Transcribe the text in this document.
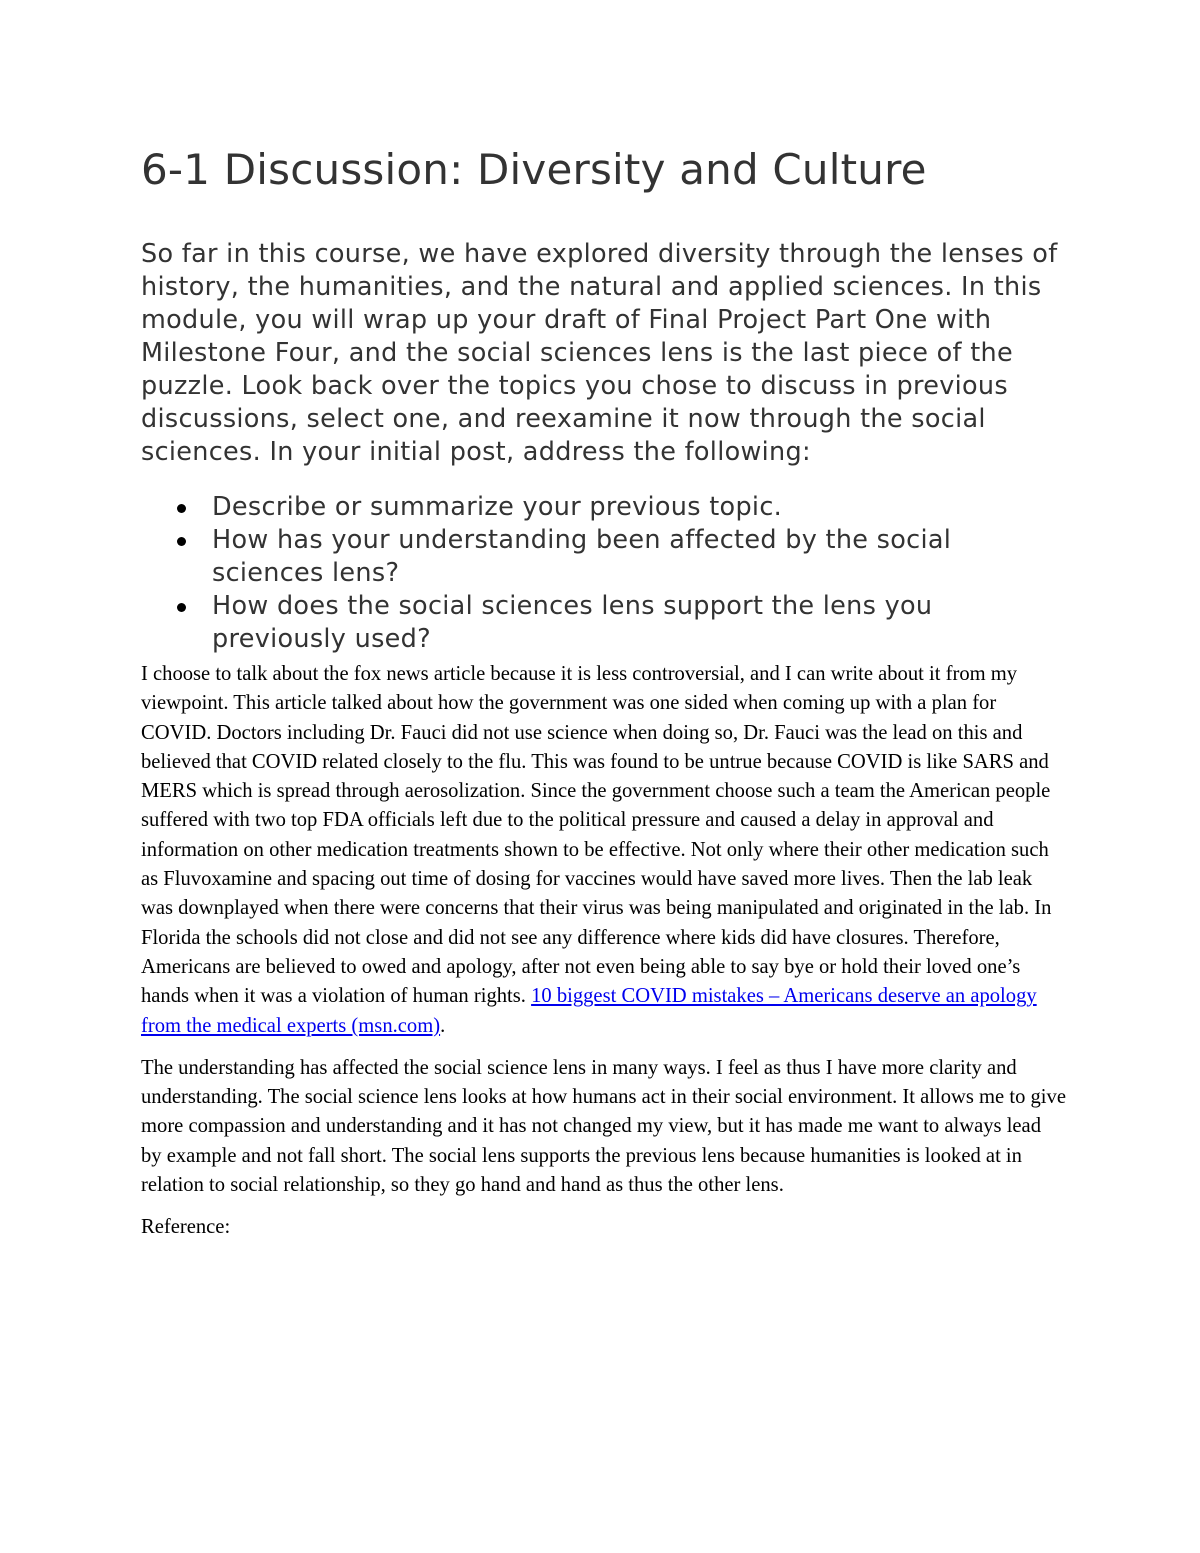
6-1 Discussion: Diversity and Culture

So far in this course, we have explored diversity through the lenses of history, the humanities, and the natural and applied sciences. In this module, you will wrap up your draft of Final Project Part One with Milestone Four, and the social sciences lens is the last piece of the puzzle. Look back over the topics you chose to discuss in previous discussions, select one, and reexamine it now through the social sciences. In your initial post, address the following:

Describe or summarize your previous topic.
How has your understanding been affected by the social sciences lens?
How does the social sciences lens support the lens you previously used?

I choose to talk about the fox news article because it is less controversial, and I can write about it from my viewpoint. This article talked about how the government was one sided when coming up with a plan for COVID. Doctors including Dr. Fauci did not use science when doing so, Dr. Fauci was the lead on this and believed that COVID related closely to the flu. This was found to be untrue because COVID is like SARS and MERS which is spread through aerosolization. Since the government choose such a team the American people suffered with two top FDA officials left due to the political pressure and caused a delay in approval and information on other medication treatments shown to be effective. Not only where their other medication such as Fluvoxamine and spacing out time of dosing for vaccines would have saved more lives. Then the lab leak was downplayed when there were concerns that their virus was being manipulated and originated in the lab. In Florida the schools did not close and did not see any difference where kids did have closures. Therefore, Americans are believed to owed and apology, after not even being able to say bye or hold their loved one’s hands when it was a violation of human rights. 10 biggest COVID mistakes – Americans deserve an apology from the medical experts (msn.com).

The understanding has affected the social science lens in many ways. I feel as thus I have more clarity and understanding. The social science lens looks at how humans act in their social environment. It allows me to give more compassion and understanding and it has not changed my view, but it has made me want to always lead by example and not fall short. The social lens supports the previous lens because humanities is looked at in relation to social relationship, so they go hand and hand as thus the other lens.

Reference:
